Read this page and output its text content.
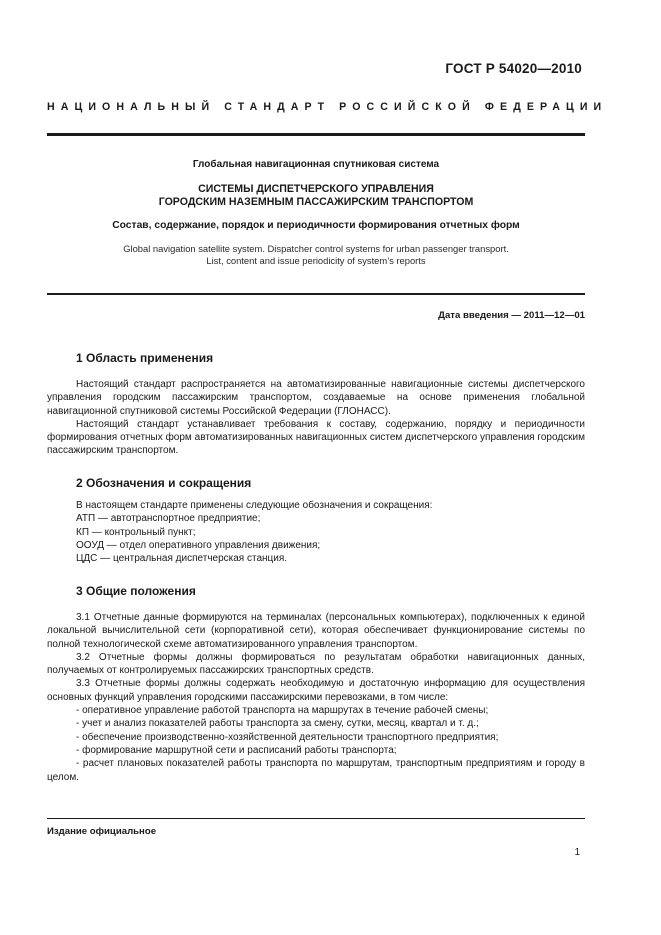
ГОСТ Р 54020—2010
НАЦИОНАЛЬНЫЙ СТАНДАРТ РОССИЙСКОЙ ФЕДЕРАЦИИ
Глобальная навигационная спутниковая система
СИСТЕМЫ ДИСПЕТЧЕРСКОГО УПРАВЛЕНИЯ
ГОРОДСКИМ НАЗЕМНЫМ ПАССАЖИРСКИМ ТРАНСПОРТОМ
Состав, содержание, порядок и периодичности формирования отчетных форм
Global navigation satellite system. Dispatcher control systems for urban passenger transport.
List, content and issue periodicity of system’s reports
Дата введения — 2011—12—01
1 Область применения

Настоящий стандарт распространяется на автоматизированные навигационные системы диспетчерского управления городским пассажирским транспортом, создаваемые на основе применения глобальной навигационной спутниковой системы Российской Федерации (ГЛОНАСС).

Настоящий стандарт устанавливает требования к составу, содержанию, порядку и периодичности формирования отчетных форм автоматизированных навигационных систем диспетчерского управления городским пассажирским транспортом.

2 Обозначения и сокращения

В настоящем стандарте применены следующие обозначения и сокращения:

АТП — автотранспортное предприятие;

КП — контрольный пункт;

ООУД — отдел оперативного управления движения;

ЦДС — центральная диспетчерская станция.

3 Общие положения

3.1 Отчетные данные формируются на терминалах (персональных компьютерах), подключенных к единой локальной вычислительной сети (корпоративной сети), которая обеспечивает функционирование системы по полной технологической схеме автоматизированного управления транспортом.

3.2 Отчетные формы должны формироваться по результатам обработки навигационных данных, получаемых от контролируемых пассажирских транспортных средств.

3.3 Отчетные формы должны содержать необходимую и достаточную информацию для осуществления основных функций управления городскими пассажирскими перевозками, в том числе:

- оперативное управление работой транспорта на маршрутах в течение рабочей смены;

- учет и анализ показателей работы транспорта за смену, сутки, месяц, квартал и т. д.;

- обеспечение производственно-хозяйственной деятельности транспортного предприятия;

- формирование маршрутной сети и расписаний работы транспорта;

- расчет плановых показателей работы транспорта по маршрутам, транспортным предприятиям и городу в целом.

Издание официальное
1
